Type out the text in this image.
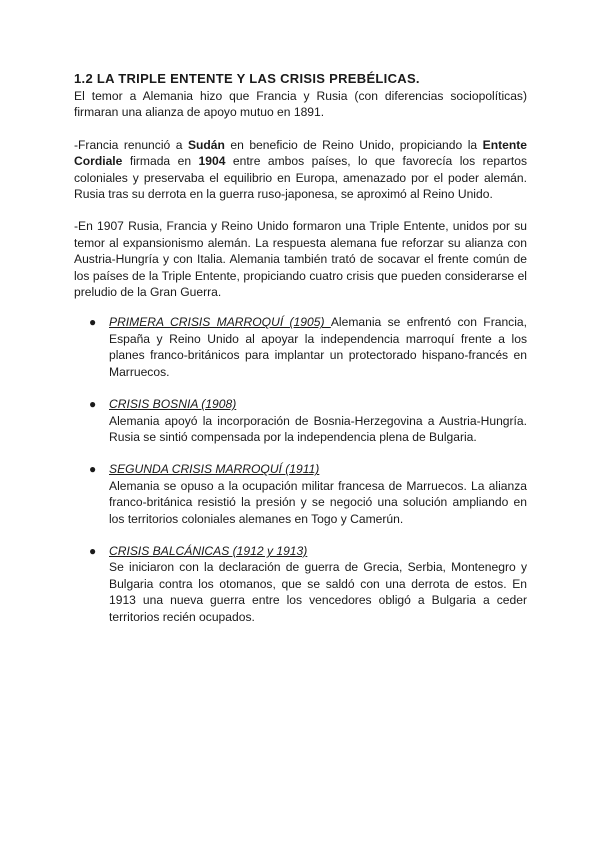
1.2 LA TRIPLE ENTENTE Y LAS CRISIS PREBÉLICAS.

El temor a Alemania hizo que Francia y Rusia (con diferencias sociopolíticas) firmaran una alianza de apoyo mutuo en 1891.

-Francia renunció a Sudán en beneficio de Reino Unido, propiciando la Entente Cordiale firmada en 1904 entre ambos países, lo que favorecía los repartos coloniales y preservaba el equilibrio en Europa, amenazado por el poder alemán. Rusia tras su derrota en la guerra ruso-japonesa, se aproximó al Reino Unido.

-En 1907 Rusia, Francia y Reino Unido formaron una Triple Entente, unidos por su temor al expansionismo alemán. La respuesta alemana fue reforzar su alianza con Austria-Hungría y con Italia. Alemania también trató de socavar el frente común de los países de la Triple Entente, propiciando cuatro crisis que pueden considerarse el preludio de la Gran Guerra.

● PRIMERA CRISIS MARROQUÍ (1905) Alemania se enfrentó con Francia, España y Reino Unido al apoyar la independencia marroquí frente a los planes franco-británicos para implantar un protectorado hispano-francés en Marruecos.

● CRISIS BOSNIA (1908)

Alemania apoyó la incorporación de Bosnia-Herzegovina a Austria-Hungría. Rusia se sintió compensada por la independencia plena de Bulgaria.

● SEGUNDA CRISIS MARROQUÍ (1911)

Alemania se opuso a la ocupación militar francesa de Marruecos. La alianza franco-británica resistió la presión y se negoció una solución ampliando en los territorios coloniales alemanes en Togo y Camerún.

● CRISIS BALCÁNICAS (1912 y 1913)

Se iniciaron con la declaración de guerra de Grecia, Serbia, Montenegro y Bulgaria contra los otomanos, que se saldó con una derrota de estos. En 1913 una nueva guerra entre los vencedores obligó a Bulgaria a ceder territorios recién ocupados.
